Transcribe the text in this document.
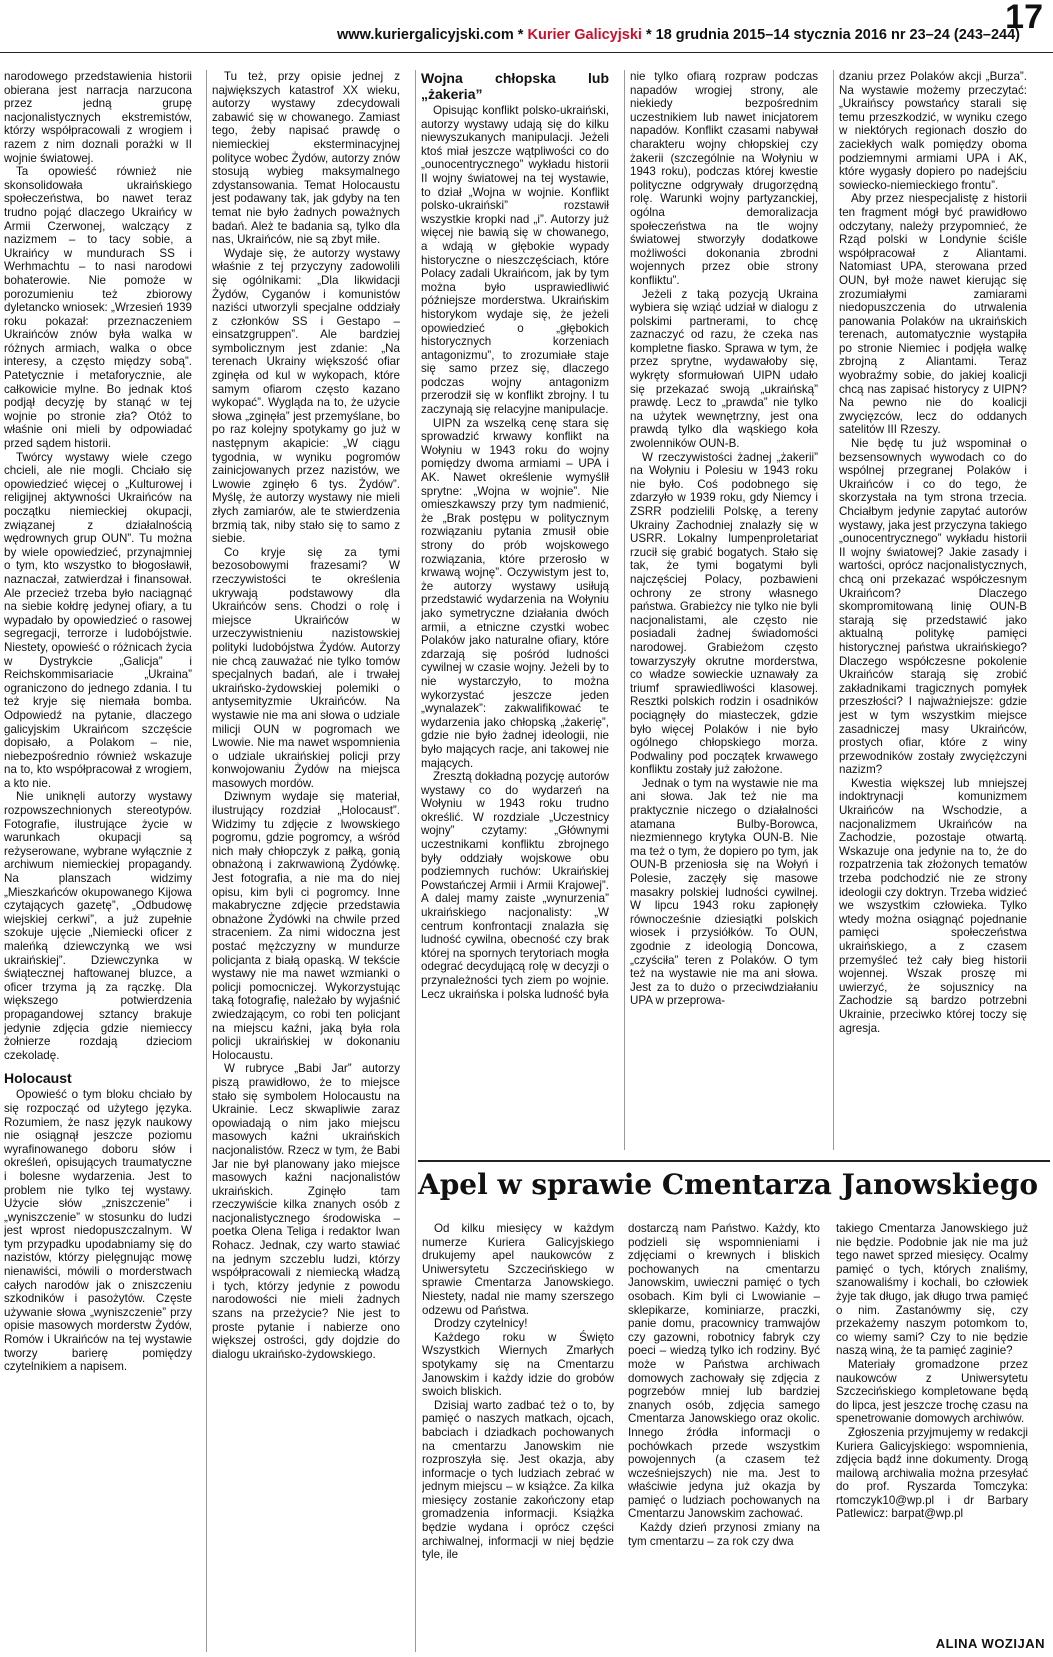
www.kuriergalicyjski.com * Kurier Galicyjski * 18 grudnia 2015–14 stycznia 2016 nr 23–24 (243–244)
17

narodowego przedstawienia historii obierana jest narracja narzucona przez jedną grupę nacjonalistycznych ekstremistów, którzy współpracowali z wrogiem i razem z nim doznali porażki w II wojnie światowej.

Ta opowieść również nie skonsolidowała ukraińskiego społeczeństwa, bo nawet teraz trudno pojąć dlaczego Ukraińcy w Armii Czerwonej, walczący z nazizmem – to tacy sobie, a Ukraińcy w mundurach SS i Werhmachtu – to nasi narodowi bohaterowie. Nie pomoże w porozumieniu też zbiorowy dyletancko wniosek: „Wrzesień 1939 roku pokazał: przeznaczeniem Ukraińców znów była walka w różnych armiach, walka o obce interesy, a często między sobą”. Patetycznie i metaforycznie, ale całkowicie mylne. Bo jednak ktoś podjął decyzję by stanąć w tej wojnie po stronie zła? Otóż to właśnie oni mieli by odpowiadać przed sądem historii.

Twórcy wystawy wiele czego chcieli, ale nie mogli. Chciało się opowiedzieć więcej o „Kulturowej i religijnej aktywności Ukraińców na początku niemieckiej okupacji, związanej z działalnością wędrownych grup OUN”. Tu można by wiele opowiedzieć, przynajmniej o tym, kto wszystko to błogosławił, naznaczał, zatwierdzał i finansował. Ale przecież trzeba było naciągnąć na siebie kołdrę jedynej ofiary, a tu wypadało by opowiedzieć o rasowej segregacji, terrorze i ludobójstwie. Niestety, opowieść o różnicach życia w Dystrykcie „Galicja” i Reichskommisariacie „Ukraina” ograniczono do jednego zdania. I tu też kryje się niemała bomba. Odpowiedź na pytanie, dlaczego galicyjskim Ukraińcom szczęście dopisało, a Polakom – nie, niebezpośrednio również wskazuje na to, kto współpracował z wrogiem, a kto nie.

Nie uniknęli autorzy wystawy rozpowszechnionych stereotypów. Fotografie, ilustrujące życie w warunkach okupacji są reżyserowane, wybrane wyłącznie z archiwum niemieckiej propagandy. Na planszach widzimy „Mieszkańców okupowanego Kijowa czytających gazetę”, „Odbudowę wiejskiej cerkwi”, a już zupełnie szokuje ujęcie „Niemiecki oficer z maleńką dziewczynką we wsi ukraińskiej”. Dziewczynka w świątecznej haftowanej bluzce, a oficer trzyma ją za rączkę. Dla większego potwierdzenia propagandowej sztancy brakuje jedynie zdjęcia gdzie niemieccy żołnierze rozdają dzieciom czekoladę.

Holocaust

Opowieść o tym bloku chciało by się rozpocząć od użytego języka. Rozumiem, że nasz język naukowy nie osiągnął jeszcze poziomu wyrafinowanego doboru słów i określeń, opisujących traumatyczne i bolesne wydarzenia. Jest to problem nie tylko tej wystawy. Użycie słów „zniszczenie” i „wyniszczenie” w stosunku do ludzi jest wprost niedopuszczalnym. W tym przypadku upodabniamy się do nazistów, którzy pielęgnując mowę nienawiści, mówili o morderstwach całych narodów jak o zniszczeniu szkodników i pasożytów. Częste używanie słowa „wyniszczenie” przy opisie masowych morderstw Żydów, Romów i Ukraińców na tej wystawie tworzy barierę pomiędzy czytelnikiem a napisem.

Tu też, przy opisie jednej z największych katastrof XX wieku, autorzy wystawy zdecydowali zabawić się w chowanego. Zamiast tego, żeby napisać prawdę o niemieckiej eksterminacyjnej polityce wobec Żydów, autorzy znów stosują wybieg maksymalnego zdystansowania. Temat Holocaustu jest podawany tak, jak gdyby na ten temat nie było żadnych poważnych badań. Ależ te badania są, tylko dla nas, Ukraińców, nie są zbyt miłe.

Wydaje się, że autorzy wystawy właśnie z tej przyczyny zadowolili się ogólnikami: „Dla likwidacji Żydów, Cyganów i komunistów naziści utworzyli specjalne oddziały z członków SS i Gestapo – einsatzgruppen”. Ale bardziej symbolicznym jest zdanie: „Na terenach Ukrainy większość ofiar zginęła od kul w wykopach, które samym ofiarom często kazano wykopać”. Wygląda na to, że użycie słowa „zginęła” jest przemyślane, bo po raz kolejny spotykamy go już w następnym akapicie: „W ciągu tygodnia, w wyniku pogromów zainicjowanych przez nazistów, we Lwowie zginęło 6 tys. Żydów”. Myślę, że autorzy wystawy nie mieli złych zamiarów, ale te stwierdzenia brzmią tak, niby stało się to samo z siebie.

Co kryje się za tymi bezosobowymi frazesami? W rzeczywistości te określenia ukrywają podstawowy dla Ukraińców sens. Chodzi o rolę i miejsce Ukraińców w urzeczywistnieniu nazistowskiej polityki ludobójstwa Żydów. Autorzy nie chcą zauważać nie tylko tomów specjalnych badań, ale i trwałej ukraińsko-żydowskiej polemiki o antysemityzmie Ukraińców. Na wystawie nie ma ani słowa o udziale milicji OUN w pogromach we Lwowie. Nie ma nawet wspomnienia o udziale ukraińskiej policji przy konwojowaniu Żydów na miejsca masowych mordów.

Dziwnym wydaje się materiał, ilustrujący rozdział „Holocaust”. Widzimy tu zdjęcie z lwowskiego pogromu, gdzie pogromcy, a wśród nich mały chłopczyk z pałką, gonią obnażoną i zakrwawioną Żydówkę. Jest fotografia, a nie ma do niej opisu, kim byli ci pogromcy. Inne makabryczne zdjęcie przedstawia obnażone Żydówki na chwile przed straceniem. Za nimi widoczna jest postać mężczyzny w mundurze policjanta z białą opaską. W tekście wystawy nie ma nawet wzmianki o policji pomocniczej. Wykorzystując taką fotografię, należało by wyjaśnić zwiedzającym, co robi ten policjant na miejscu kaźni, jaką była rola policji ukraińskiej w dokonaniu Holocaustu.

W rubryce „Babi Jar” autorzy piszą prawidłowo, że to miejsce stało się symbolem Holocaustu na Ukrainie. Lecz skwapliwie zaraz opowiadają o nim jako miejscu masowych kaźni ukraińskich nacjonalistów. Rzecz w tym, że Babi Jar nie był planowany jako miejsce masowych kaźni nacjonalistów ukraińskich. Zginęło tam rzeczywiście kilka znanych osób z nacjonalistycznego środowiska – poetka Olena Teliga i redaktor Iwan Rohacz. Jednak, czy warto stawiać na jednym szczeblu ludzi, którzy współpracowali z niemiecką władzą i tych, którzy jedynie z powodu narodowości nie mieli żadnych szans na przeżycie? Nie jest to proste pytanie i nabierze ono większej ostrości, gdy dojdzie do dialogu ukraińsko-żydowskiego.

Wojna chłopska lub „żakeria”

Opisując konflikt polsko-ukraiński, autorzy wystawy udają się do kilku niewyszukanych manipulacji. Jeżeli ktoś miał jeszcze wątpliwości co do „ounocentrycznego” wykładu historii II wojny światowej na tej wystawie, to dział „Wojna w wojnie. Konflikt polsko-ukraiński” rozstawił wszystkie kropki nad „i”. Autorzy już więcej nie bawią się w chowanego, a wdają w głębokie wypady historyczne o nieszczęściach, które Polacy zadali Ukraińcom, jak by tym można było usprawiedliwić późniejsze morderstwa. Ukraińskim historykom wydaje się, że jeżeli opowiedzieć o „głębokich historycznych korzeniach antagonizmu”, to zrozumiałe staje się samo przez się, dlaczego podczas wojny antagonizm przerodził się w konflikt zbrojny. I tu zaczynają się relacyjne manipulacje.

UIPN za wszelką cenę stara się sprowadzić krwawy konflikt na Wołyniu w 1943 roku do wojny pomiędzy dwoma armiami – UPA i AK. Nawet określenie wymyślił sprytne: „Wojna w wojnie”. Nie omieszkawszy przy tym nadmienić, że „Brak postępu w politycznym rozwiązaniu pytania zmusił obie strony do prób wojskowego rozwiązania, które przerosło w krwawą wojnę”. Oczywistym jest to, że autorzy wystawy usiłują przedstawić wydarzenia na Wołyniu jako symetryczne działania dwóch armii, a etniczne czystki wobec Polaków jako naturalne ofiary, które zdarzają się pośród ludności cywilnej w czasie wojny. Jeżeli by to nie wystarczyło, to można wykorzystać jeszcze jeden „wynalazek”: zakwalifikować te wydarzenia jako chłopską „żakerię”, gdzie nie było żadnej ideologii, nie było mających racje, ani takowej nie mających.

Zresztą dokładną pozycję autorów wystawy co do wydarzeń na Wołyniu w 1943 roku trudno określić. W rozdziale „Uczestnicy wojny” czytamy: „Głównymi uczestnikami konfliktu zbrojnego były oddziały wojskowe obu podziemnych ruchów: Ukraińskiej Powstańczej Armii i Armii Krajowej”. A dalej mamy zaiste „wynurzenia” ukraińskiego nacjonalisty: „W centrum konfrontacji znalazła się ludność cywilna, obecność czy brak której na spornych terytoriach mogła odegrać decydującą rolę w decyzji o przynależności tych ziem po wojnie. Lecz ukraińska i polska ludność była

nie tylko ofiarą rozpraw podczas napadów wrogiej strony, ale niekiedy bezpośrednim uczestnikiem lub nawet inicjatorem napadów. Konflikt czasami nabywał charakteru wojny chłopskiej czy żakerii (szczególnie na Wołyniu w 1943 roku), podczas której kwestie polityczne odgrywały drugorzędną rolę. Warunki wojny partyzanckiej, ogólna demoralizacja społeczeństwa na tle wojny światowej stworzyły dodatkowe możliwości dokonania zbrodni wojennych przez obie strony konfliktu”.

Jeżeli z taką pozycją Ukraina wybiera się wziąć udział w dialogu z polskimi partnerami, to chcę zaznaczyć od razu, że czeka nas kompletne fiasko. Sprawa w tym, że przez sprytne, wydawałoby się, wykręty sformułowań UIPN udało się przekazać swoją „ukraińską” prawdę. Lecz to „prawda” nie tylko na użytek wewnętrzny, jest ona prawdą tylko dla wąskiego koła zwolenników OUN-B.

W rzeczywistości żadnej „żakerii” na Wołyniu i Polesiu w 1943 roku nie było. Coś podobnego się zdarzyło w 1939 roku, gdy Niemcy i ZSRR podzielili Polskę, a tereny Ukrainy Zachodniej znalazły się w USRR. Lokalny lumpenproletariat rzucił się grabić bogatych. Stało się tak, że tymi bogatymi byli najczęściej Polacy, pozbawieni ochrony ze strony własnego państwa. Grabieżcy nie tylko nie byli nacjonalistami, ale często nie posiadali żadnej świadomości narodowej. Grabieżom często towarzyszyły okrutne morderstwa, co władze sowieckie uznawały za triumf sprawiedliwości klasowej. Resztki polskich rodzin i osadników pociągnęły do miasteczek, gdzie było więcej Polaków i nie było ogólnego chłopskiego morza. Podwaliny pod początek krwawego konfliktu zostały już założone.

Jednak o tym na wystawie nie ma ani słowa. Jak też nie ma praktycznie niczego o działalności atamana Bulby-Borowca, niezmiennego krytyka OUN-B. Nie ma też o tym, że dopiero po tym, jak OUN-B przeniosła się na Wołyń i Polesie, zaczęły się masowe masakry polskiej ludności cywilnej. W lipcu 1943 roku zapłonęły równocześnie dziesiątki polskich wiosek i przysiółków. To OUN, zgodnie z ideologią Doncowa, „czyściła” teren z Polaków. O tym też na wystawie nie ma ani słowa. Jest za to dużo o przeciwdziałaniu UPA w przeprowa-

dzaniu przez Polaków akcji „Burza”. Na wystawie możemy przeczytać: „Ukraińscy powstańcy starali się temu przeszkodzić, w wyniku czego w niektórych regionach doszło do zaciekłych walk pomiędzy oboma podziemnymi armiami UPA i AK, które wygasły dopiero po nadejściu sowiecko-niemieckiego frontu”.

Aby przez niespecjalistę z historii ten fragment mógł być prawidłowo odczytany, należy przypomnieć, że Rząd polski w Londynie ściśle współpracował z Aliantami. Natomiast UPA, sterowana przed OUN, był może nawet kierując się zrozumiałymi zamiarami niedopuszczenia do utrwalenia panowania Polaków na ukraińskich terenach, automatycznie wystąpiła po stronie Niemiec i podjęła walkę zbrojną z Aliantami. Teraz wyobraźmy sobie, do jakiej koalicji chcą nas zapisać historycy z UIPN? Na pewno nie do koalicji zwycięzców, lecz do oddanych satelitów III Rzeszy.

Nie będę tu już wspominał o bezsensownych wywodach co do wspólnej przegranej Polaków i Ukraińców i co do tego, że skorzystała na tym strona trzecia. Chciałbym jedynie zapytać autorów wystawy, jaka jest przyczyna takiego „ounocentrycznego” wykładu historii II wojny światowej? Jakie zasady i wartości, oprócz nacjonalistycznych, chcą oni przekazać współczesnym Ukraińcom? Dlaczego skompromitowaną linię OUN-B starają się przedstawić jako aktualną politykę pamięci historycznej państwa ukraińskiego? Dlaczego współczesne pokolenie Ukraińców starają się zrobić zakładnikami tragicznych pomyłek przeszłości? I najważniejsze: gdzie jest w tym wszystkim miejsce zasadniczej masy Ukraińców, prostych ofiar, które z winy przewodników zostały zwyciężczyni nazizm?

Kwestia większej lub mniejszej indoktrynacji komunizmem Ukraińców na Wschodzie, a nacjonalizmem Ukraińców na Zachodzie, pozostaje otwartą. Wskazuje ona jedynie na to, że do rozpatrzenia tak złożonych tematów trzeba podchodzić nie ze strony ideologii czy doktryn. Trzeba widzieć we wszystkim człowieka. Tylko wtedy można osiągnąć pojednanie pamięci społeczeństwa ukraińskiego, a z czasem przemyśleć też cały bieg historii wojennej. Wszak proszę mi uwierzyć, że sojusznicy na Zachodzie są bardzo potrzebni Ukrainie, przeciwko której toczy się agresja.

Apel w sprawie Cmentarza Janowskiego

Od kilku miesięcy w każdym numerze Kuriera Galicyjskiego drukujemy apel naukowców z Uniwersytetu Szczecińskiego w sprawie Cmentarza Janowskiego. Niestety, nadal nie mamy szerszego odzewu od Państwa.

Drodzy czytelnicy!

Każdego roku w Święto Wszystkich Wiernych Zmarłych spotykamy się na Cmentarzu Janowskim i każdy idzie do grobów swoich bliskich.

Dzisiaj warto zadbać też o to, by pamięć o naszych matkach, ojcach, babciach i dziadkach pochowanych na cmentarzu Janowskim nie rozproszyła się. Jest okazja, aby informacje o tych ludziach zebrać w jednym miejscu – w książce. Za kilka miesięcy zostanie zakończony etap gromadzenia informacji. Książka będzie wydana i oprócz części archiwalnej, informacji w niej będzie tyle, ile

dostarczą nam Państwo. Każdy, kto podzieli się wspomnieniami i zdjęciami o krewnych i bliskich pochowanych na cmentarzu Janowskim, uwieczni pamięć o tych osobach. Kim byli ci Lwowianie – sklepikarze, kominiarze, praczki, panie domu, pracownicy tramwajów czy gazowni, robotnicy fabryk czy poeci – wiedzą tylko ich rodziny. Być może w Państwa archiwach domowych zachowały się zdjęcia z pogrzebów mniej lub bardziej znanych osób, zdjęcia samego Cmentarza Janowskiego oraz okolic. Innego źródła informacji o pochówkach przede wszystkim powojennych (a czasem też wcześniejszych) nie ma. Jest to właściwie jedyna już okazja by pamięć o ludziach pochowanych na Cmentarzu Janowskim zachować.

Każdy dzień przynosi zmiany na tym cmentarzu – za rok czy dwa

takiego Cmentarza Janowskiego już nie będzie. Podobnie jak nie ma już tego nawet sprzed miesięcy. Ocalmy pamięć o tych, których znaliśmy, szanowaliśmy i kochali, bo człowiek żyje tak długo, jak długo trwa pamięć o nim. Zastanówmy się, czy przekażemy naszym potomkom to, co wiemy sami? Czy to nie będzie naszą winą, że ta pamięć zaginie?

Materiały gromadzone przez naukowców z Uniwersytetu Szczecińskiego kompletowane będą do lipca, jest jeszcze trochę czasu na spenetrowanie domowych archiwów.

Zgłoszenia przyjmujemy w redakcji Kuriera Galicyjskiego: wspomnienia, zdjęcia bądź inne dokumenty. Drogą mailową archiwalia można przesyłać do prof. Ryszarda Tomczyka: rtomczyk10@wp.pl i dr Barbary Patlewicz: barpat@wp.pl

ALINA WOZIJAN
